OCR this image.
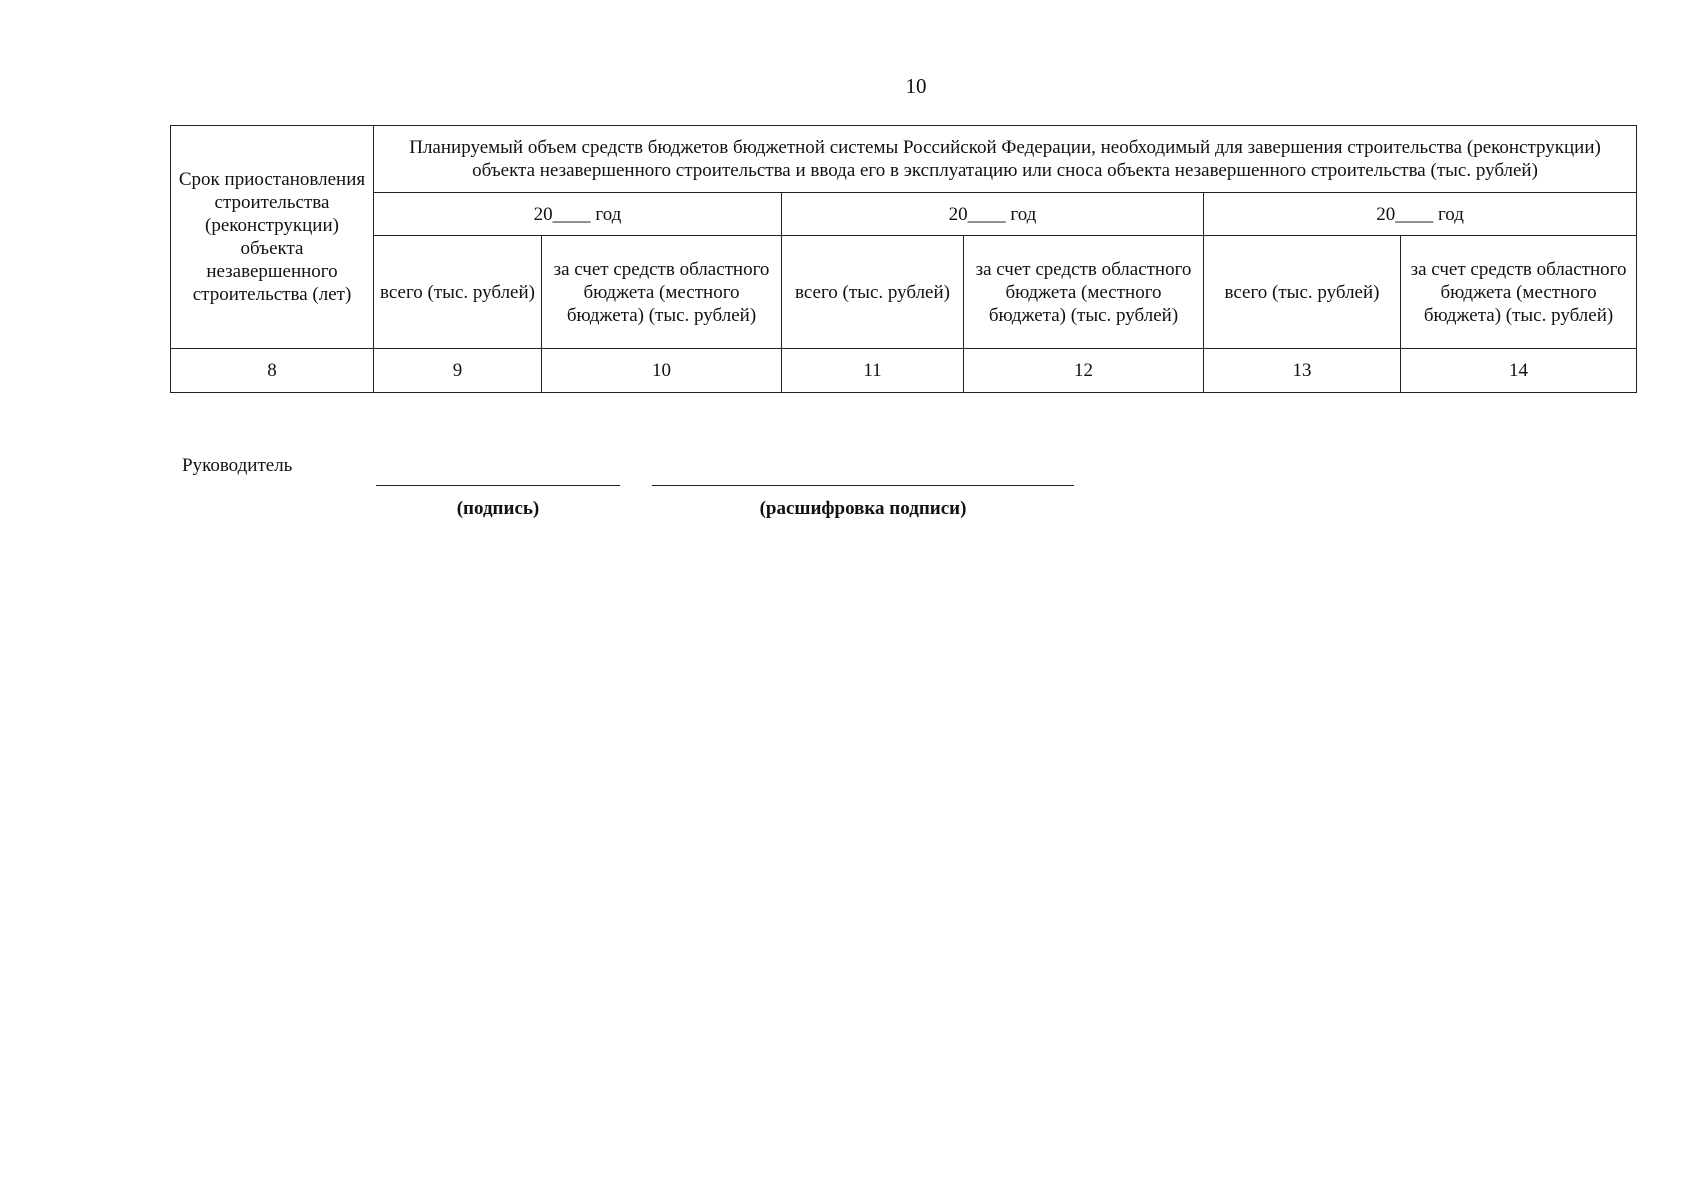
10
Срок приостановления строительства (реконструкции) объекта незавершенного строительства (лет)	Планируемый объем средств бюджетов бюджетной системы Российской Федерации, необходимый для завершения строительства (реконструкции) объекта незавершенного строительства и ввода его в эксплуатацию или сноса объекта незавершенного строительства (тыс. рублей)					
	20____ год		20____ год		20____ год	
	всего (тыс. рублей)	за счет средств областного бюджета (местного бюджета) (тыс. рублей)	всего (тыс. рублей)	за счет средств областного бюджета (местного бюджета) (тыс. рублей)	всего (тыс. рублей)	за счет средств областного бюджета (местного бюджета) (тыс. рублей)
8	9	10	11	12	13	14
Руководитель
(подпись)	(расшифровка подписи)
